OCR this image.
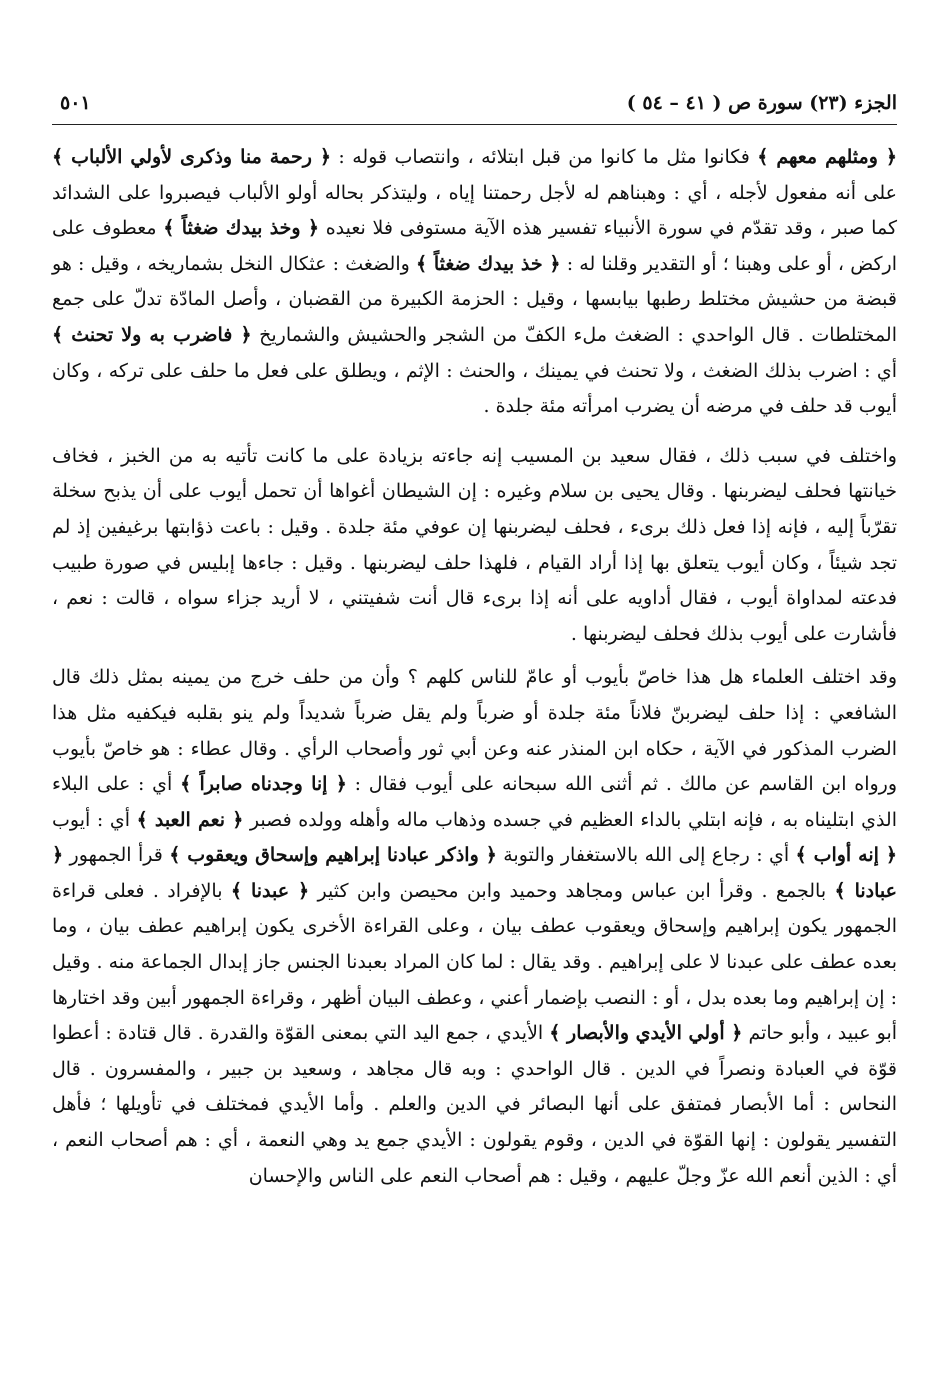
الجزء (٢٣) سورة ص ( ٤١ – ٥٤ )
٥٠١

﴿ ومثلهم معهم ﴾ فكانوا مثل ما كانوا من قبل ابتلائه ، وانتصاب قوله : ﴿ رحمة منا وذكرى لأولي الألباب ﴾ على أنه مفعول لأجله ، أي : وهبناهم له لأجل رحمتنا إياه ، وليتذكر بحاله أولو الألباب فيصبروا على الشدائد كما صبر ، وقد تقدّم في سورة الأنبياء تفسير هذه الآية مستوفى فلا نعيده ﴿ وخذ بيدك ضغثاً ﴾ معطوف على اركض ، أو على وهبنا ؛ أو التقدير وقلنا له : ﴿ خذ بيدك ضغثاً ﴾ والضغث : عثكال النخل بشماريخه ، وقيل : هو قبضة من حشيش مختلط رطبها بيابسها ، وقيل : الحزمة الكبيرة من القضبان ، وأصل المادّة تدلّ على جمع المختلطات . قال الواحدي : الضغث ملء الكفّ من الشجر والحشيش والشماريخ ﴿ فاضرب به ولا تحنث ﴾ أي : اضرب بذلك الضغث ، ولا تحنث في يمينك ، والحنث : الإثم ، ويطلق على فعل ما حلف على تركه ، وكان أيوب قد حلف في مرضه أن يضرب امرأته مئة جلدة .

واختلف في سبب ذلك ، فقال سعيد بن المسيب إنه جاءته بزيادة على ما كانت تأتيه به من الخبز ، فخاف خيانتها فحلف ليضربنها . وقال يحيى بن سلام وغيره : إن الشيطان أغواها أن تحمل أيوب على أن يذبح سخلة تقرّباً إليه ، فإنه إذا فعل ذلك برىء ، فحلف ليضربنها إن عوفي مئة جلدة . وقيل : باعت ذؤابتها برغيفين إذ لم تجد شيئاً ، وكان أيوب يتعلق بها إذا أراد القيام ، فلهذا حلف ليضربنها . وقيل : جاءها إبليس في صورة طبيب فدعته لمداواة أيوب ، فقال أداويه على أنه إذا برىء قال أنت شفيتني ، لا أريد جزاء سواه ، قالت : نعم ، فأشارت على أيوب بذلك فحلف ليضربنها .

وقد اختلف العلماء هل هذا خاصّ بأيوب أو عامّ للناس كلهم ؟ وأن من حلف خرج من يمينه بمثل ذلك قال الشافعي : إذا حلف ليضربنّ فلاناً مئة جلدة أو ضرباً ولم يقل ضرباً شديداً ولم ينو بقلبه فيكفيه مثل هذا الضرب المذكور في الآية ، حكاه ابن المنذر عنه وعن أبي ثور وأصحاب الرأي . وقال عطاء : هو خاصّ بأيوب ورواه ابن القاسم عن مالك . ثم أثنى الله سبحانه على أيوب فقال : ﴿ إنا وجدناه صابراً ﴾ أي : على البلاء الذي ابتليناه به ، فإنه ابتلي بالداء العظيم في جسده وذهاب ماله وأهله وولده فصبر ﴿ نعم العبد ﴾ أي : أيوب ﴿ إنه أواب ﴾ أي : رجاع إلى الله بالاستغفار والتوبة ﴿ واذكر عبادنا إبراهيم وإسحاق ويعقوب ﴾ قرأ الجمهور ﴿ عبادنا ﴾ بالجمع . وقرأ ابن عباس ومجاهد وحميد وابن محيصن وابن كثير ﴿ عبدنا ﴾ بالإفراد . فعلى قراءة الجمهور يكون إبراهيم وإسحاق ويعقوب عطف بيان ، وعلى القراءة الأخرى يكون إبراهيم عطف بيان ، وما بعده عطف على عبدنا لا على إبراهيم . وقد يقال : لما كان المراد بعبدنا الجنس جاز إبدال الجماعة منه . وقيل : إن إبراهيم وما بعده بدل ، أو : النصب بإضمار أعني ، وعطف البيان أظهر ، وقراءة الجمهور أبين وقد اختارها أبو عبيد ، وأبو حاتم ﴿ أولي الأيدي والأبصار ﴾ الأيدي ، جمع اليد التي بمعنى القوّة والقدرة . قال قتادة : أعطوا قوّة في العبادة ونصراً في الدين . قال الواحدي : وبه قال مجاهد ، وسعيد بن جبير ، والمفسرون . قال النحاس : أما الأبصار فمتفق على أنها البصائر في الدين والعلم . وأما الأيدي فمختلف في تأويلها ؛ فأهل التفسير يقولون : إنها القوّة في الدين ، وقوم يقولون : الأيدي جمع يد وهي النعمة ، أي : هم أصحاب النعم ، أي : الذين أنعم الله عزّ وجلّ عليهم ، وقيل : هم أصحاب النعم على الناس والإحسان
